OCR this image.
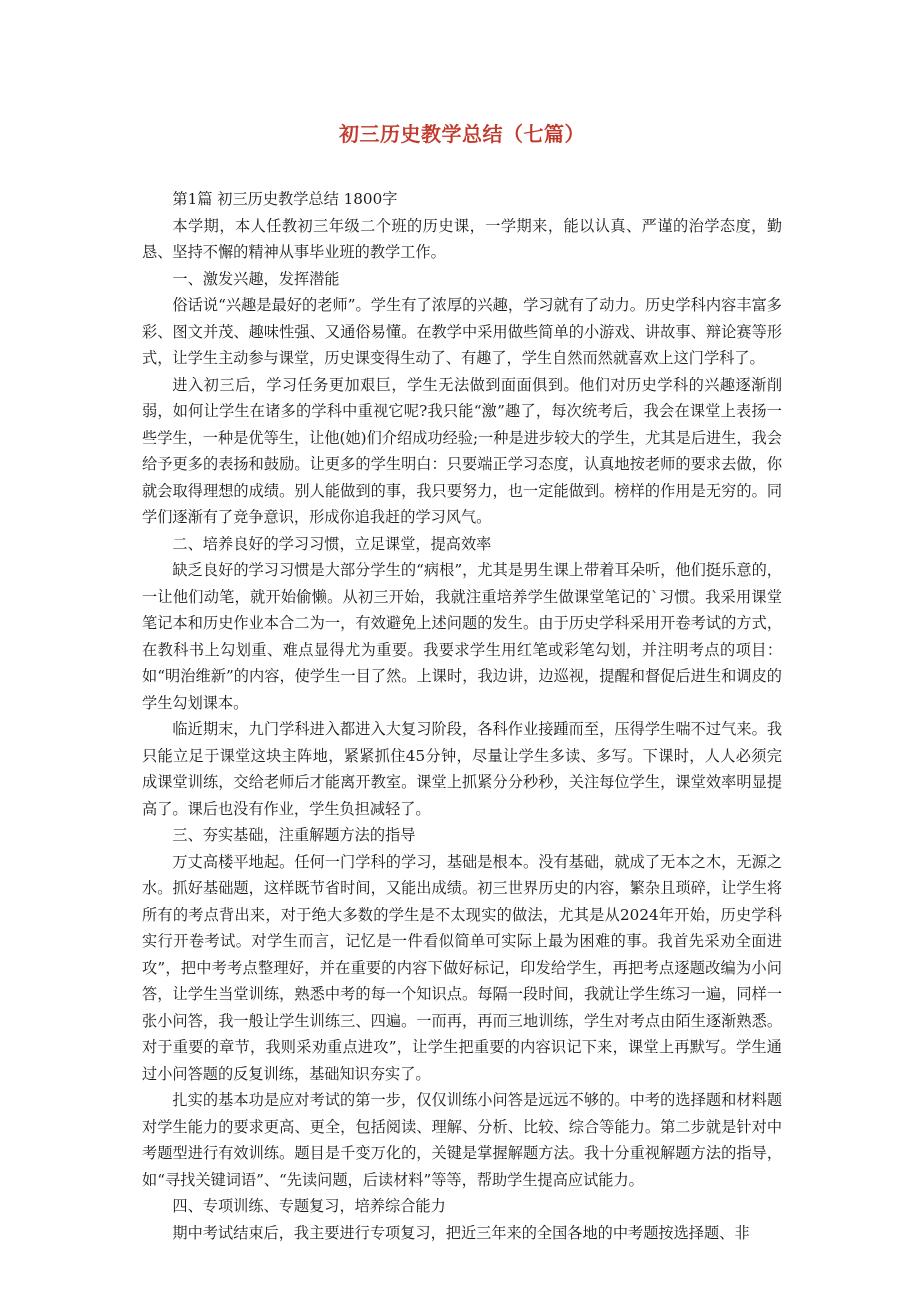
初三历史教学总结（七篇）

第1篇 初三历史教学总结 1800字

本学期，本人任教初三年级二个班的历史课，一学期来，能以认真、严谨的治学态度，勤恳、坚持不懈的精神从事毕业班的教学工作。

一、激发兴趣，发挥潜能

俗话说“兴趣是最好的老师”。学生有了浓厚的兴趣，学习就有了动力。历史学科内容丰富多彩、图文并茂、趣味性强、又通俗易懂。在教学中采用做些简单的小游戏、讲故事、辩论赛等形式，让学生主动参与课堂，历史课变得生动了、有趣了，学生自然而然就喜欢上这门学科了。

进入初三后，学习任务更加艰巨，学生无法做到面面俱到。他们对历史学科的兴趣逐渐削弱，如何让学生在诸多的学科中重视它呢?我只能“激”趣了，每次统考后，我会在课堂上表扬一些学生，一种是优等生，让他(她)们介绍成功经验;一种是进步较大的学生，尤其是后进生，我会给予更多的表扬和鼓励。让更多的学生明白：只要端正学习态度，认真地按老师的要求去做，你就会取得理想的成绩。别人能做到的事，我只要努力，也一定能做到。榜样的作用是无穷的。同学们逐渐有了竞争意识，形成你追我赶的学习风气。

二、培养良好的学习习惯，立足课堂，提高效率

缺乏良好的学习习惯是大部分学生的“病根”，尤其是男生课上带着耳朵听，他们挺乐意的，一让他们动笔，就开始偷懒。从初三开始，我就注重培养学生做课堂笔记的`习惯。我采用课堂笔记本和历史作业本合二为一，有效避免上述问题的发生。由于历史学科采用开卷考试的方式，在教科书上勾划重、难点显得尤为重要。我要求学生用红笔或彩笔勾划，并注明考点的项目：如“明治维新”的内容，使学生一目了然。上课时，我边讲，边巡视，提醒和督促后进生和调皮的学生勾划课本。

临近期末，九门学科进入都进入大复习阶段，各科作业接踵而至，压得学生喘不过气来。我只能立足于课堂这块主阵地，紧紧抓住45分钟，尽量让学生多读、多写。下课时，人人必须完成课堂训练，交给老师后才能离开教室。课堂上抓紧分分秒秒，关注每位学生，课堂效率明显提高了。课后也没有作业，学生负担减轻了。

三、夯实基础，注重解题方法的指导

万丈高楼平地起。任何一门学科的学习，基础是根本。没有基础，就成了无本之木，无源之水。抓好基础题，这样既节省时间，又能出成绩。初三世界历史的内容，繁杂且琐碎，让学生将所有的考点背出来，对于绝大多数的学生是不太现实的做法，尤其是从2024年开始，历史学科实行开卷考试。对学生而言，记忆是一件看似简单可实际上最为困难的事。我首先采劝全面进攻”，把中考考点整理好，并在重要的内容下做好标记，印发给学生，再把考点逐题改编为小问答，让学生当堂训练，熟悉中考的每一个知识点。每隔一段时间，我就让学生练习一遍，同样一张小问答，我一般让学生训练三、四遍。一而再，再而三地训练，学生对考点由陌生逐渐熟悉。对于重要的章节，我则采劝重点进攻”，让学生把重要的内容识记下来，课堂上再默写。学生通过小问答题的反复训练，基础知识夯实了。

扎实的基本功是应对考试的第一步，仅仅训练小问答是远远不够的。中考的选择题和材料题对学生能力的要求更高、更全，包括阅读、理解、分析、比较、综合等能力。第二步就是针对中考题型进行有效训练。题目是千变万化的，关键是掌握解题方法。我十分重视解题方法的指导，如“寻找关键词语”、“先读问题，后读材料”等等，帮助学生提高应试能力。

四、专项训练、专题复习，培养综合能力

期中考试结束后，我主要进行专项复习，把近三年来的全国各地的中考题按选择题、非
